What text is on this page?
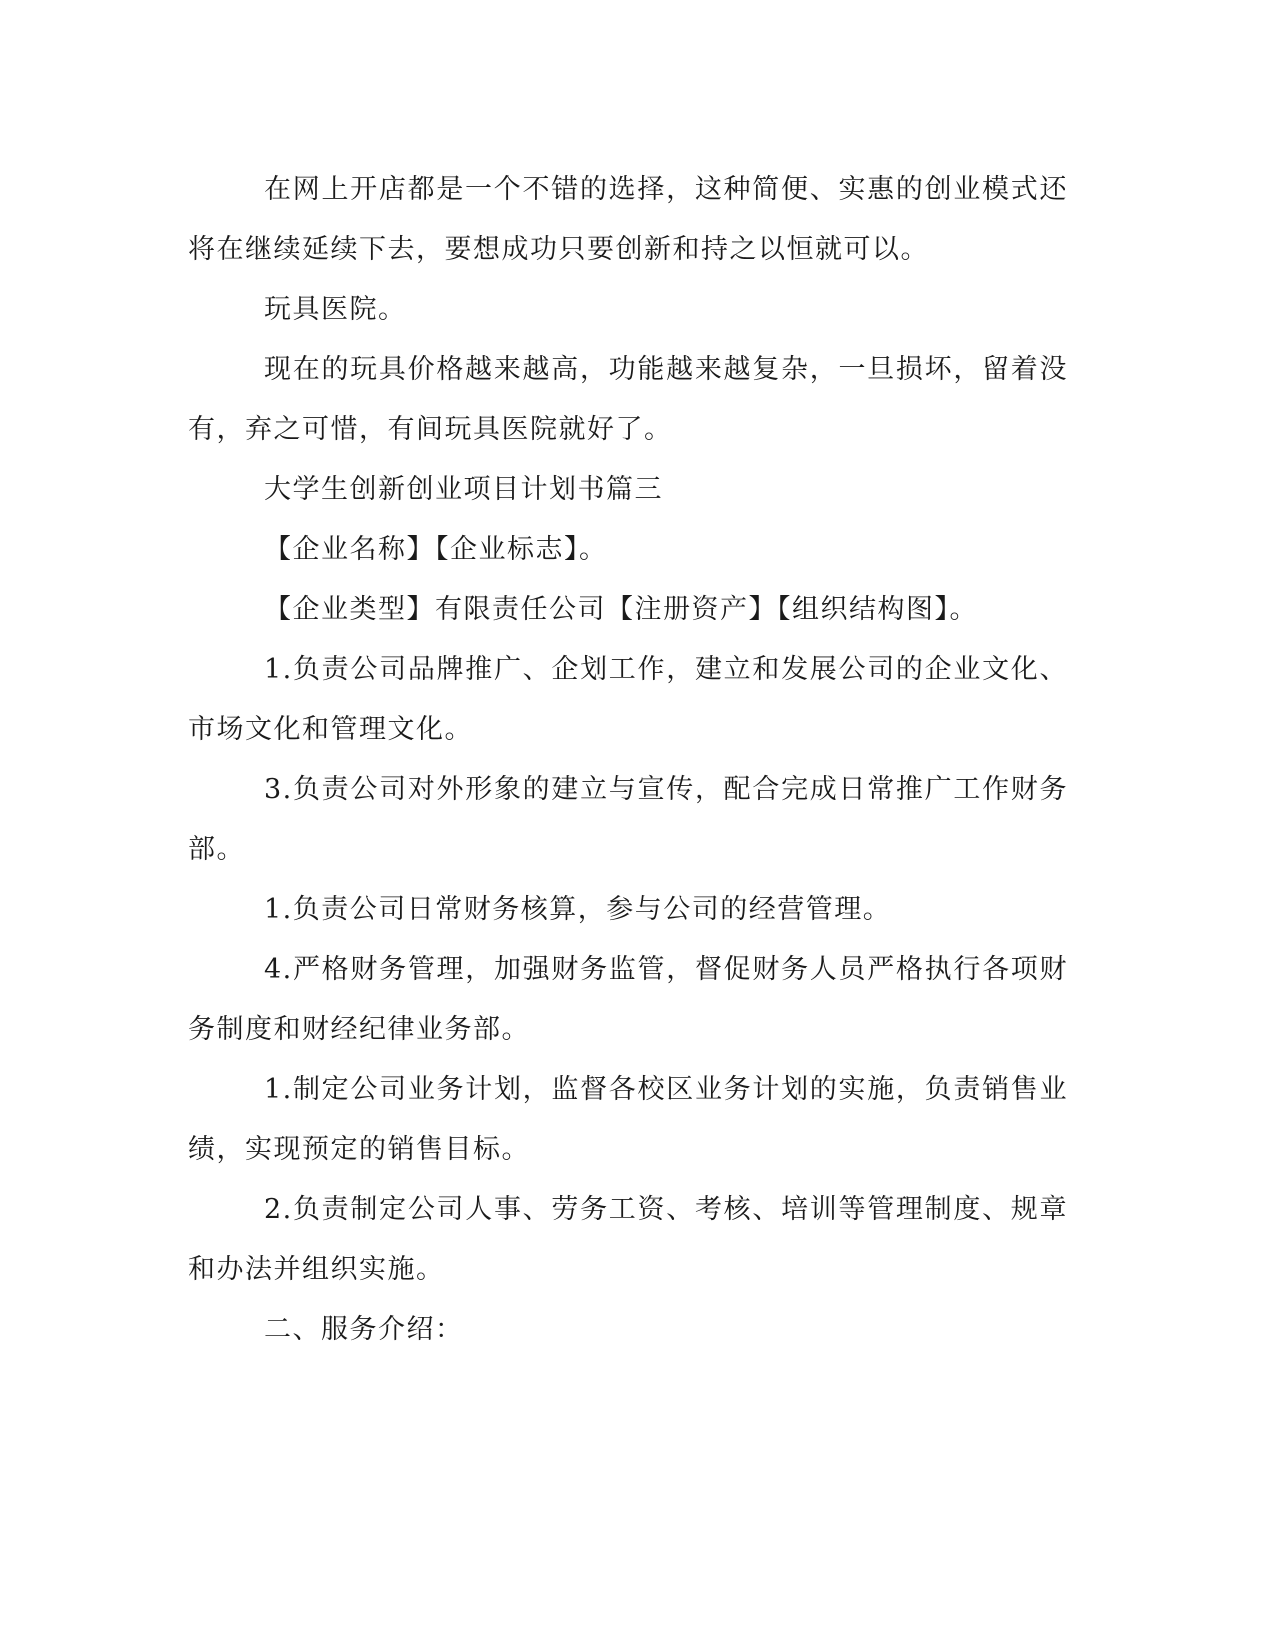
在网上开店都是一个不错的选择，这种简便、实惠的创业模式还将在继续延续下去，要想成功只要创新和持之以恒就可以。

玩具医院。

现在的玩具价格越来越高，功能越来越复杂，一旦损坏，留着没有，弃之可惜，有间玩具医院就好了。

大学生创新创业项目计划书篇三

【企业名称】【企业标志】。

【企业类型】有限责任公司【注册资产】【组织结构图】。

1.负责公司品牌推广、企划工作，建立和发展公司的企业文化、市场文化和管理文化。

3.负责公司对外形象的建立与宣传，配合完成日常推广工作财务部。

1.负责公司日常财务核算，参与公司的经营管理。

4.严格财务管理，加强财务监管，督促财务人员严格执行各项财务制度和财经纪律业务部。

1.制定公司业务计划，监督各校区业务计划的实施，负责销售业绩，实现预定的销售目标。

2.负责制定公司人事、劳务工资、考核、培训等管理制度、规章和办法并组织实施。

二、服务介绍：
